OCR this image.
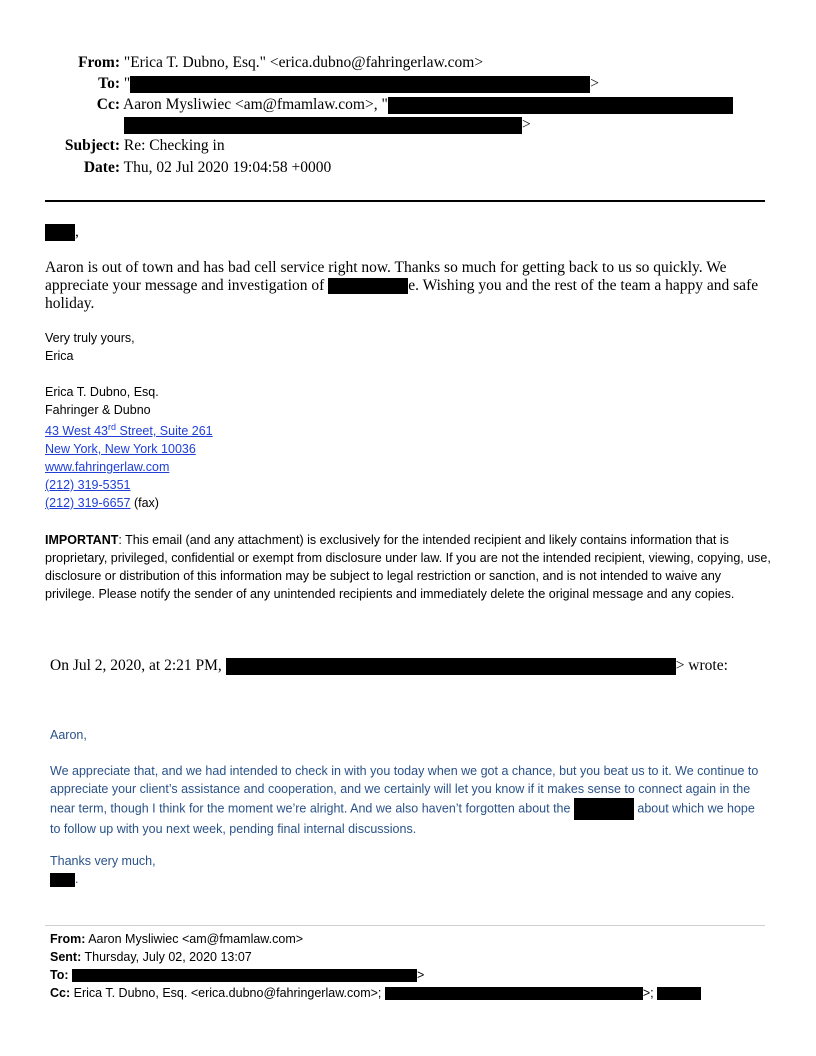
From: "Erica T. Dubno, Esq." <erica.dubno@fahringerlaw.com>
To: "	>
Cc: Aaron Mysliwiec <am@fmamlaw.com>, "
>
Subject: Re: Checking in
Date: Thu, 02 Jul 2020 19:04:58 +0000
,
Aaron is out of town and has bad cell service right now. Thanks so much for getting back to us so quickly. We appreciate your message and investigation of	e. Wishing you and the rest of the team a happy and safe holiday.
Very truly yours,
Erica
Erica T. Dubno, Esq.
Fahringer & Dubno
43 West 43rd Street, Suite 261
New York, New York 10036
www.fahringerlaw.com
(212) 319-5351
(212) 319-6657 (fax)
IMPORTANT: This email (and any attachment) is exclusively for the intended recipient and likely contains information that is proprietary, privileged, confidential or exempt from disclosure under law. If you are not the intended recipient, viewing, copying, use, disclosure or distribution of this information may be subject to legal restriction or sanction, and is not intended to waive any privilege. Please notify the sender of any unintended recipients and immediately delete the original message and any copies.
On Jul 2, 2020, at 2:21 PM,	> wrote:
Aaron,
We appreciate that, and we had intended to check in with you today when we got a chance, but you beat us to it. We continue to appreciate your client’s assistance and cooperation, and we certainly will let you know if it makes sense to connect again in the near term, though I think for the moment we’re alright. And we also haven’t forgotten about the	about which we hope to follow up with you next week, pending final internal discussions.
Thanks very much,
.
From: Aaron Mysliwiec <am@fmamlaw.com>
Sent: Thursday, July 02, 2020 13:07
To:	>
Cc: Erica T. Dubno, Esq. <erica.dubno@fahringerlaw.com>;	>;
